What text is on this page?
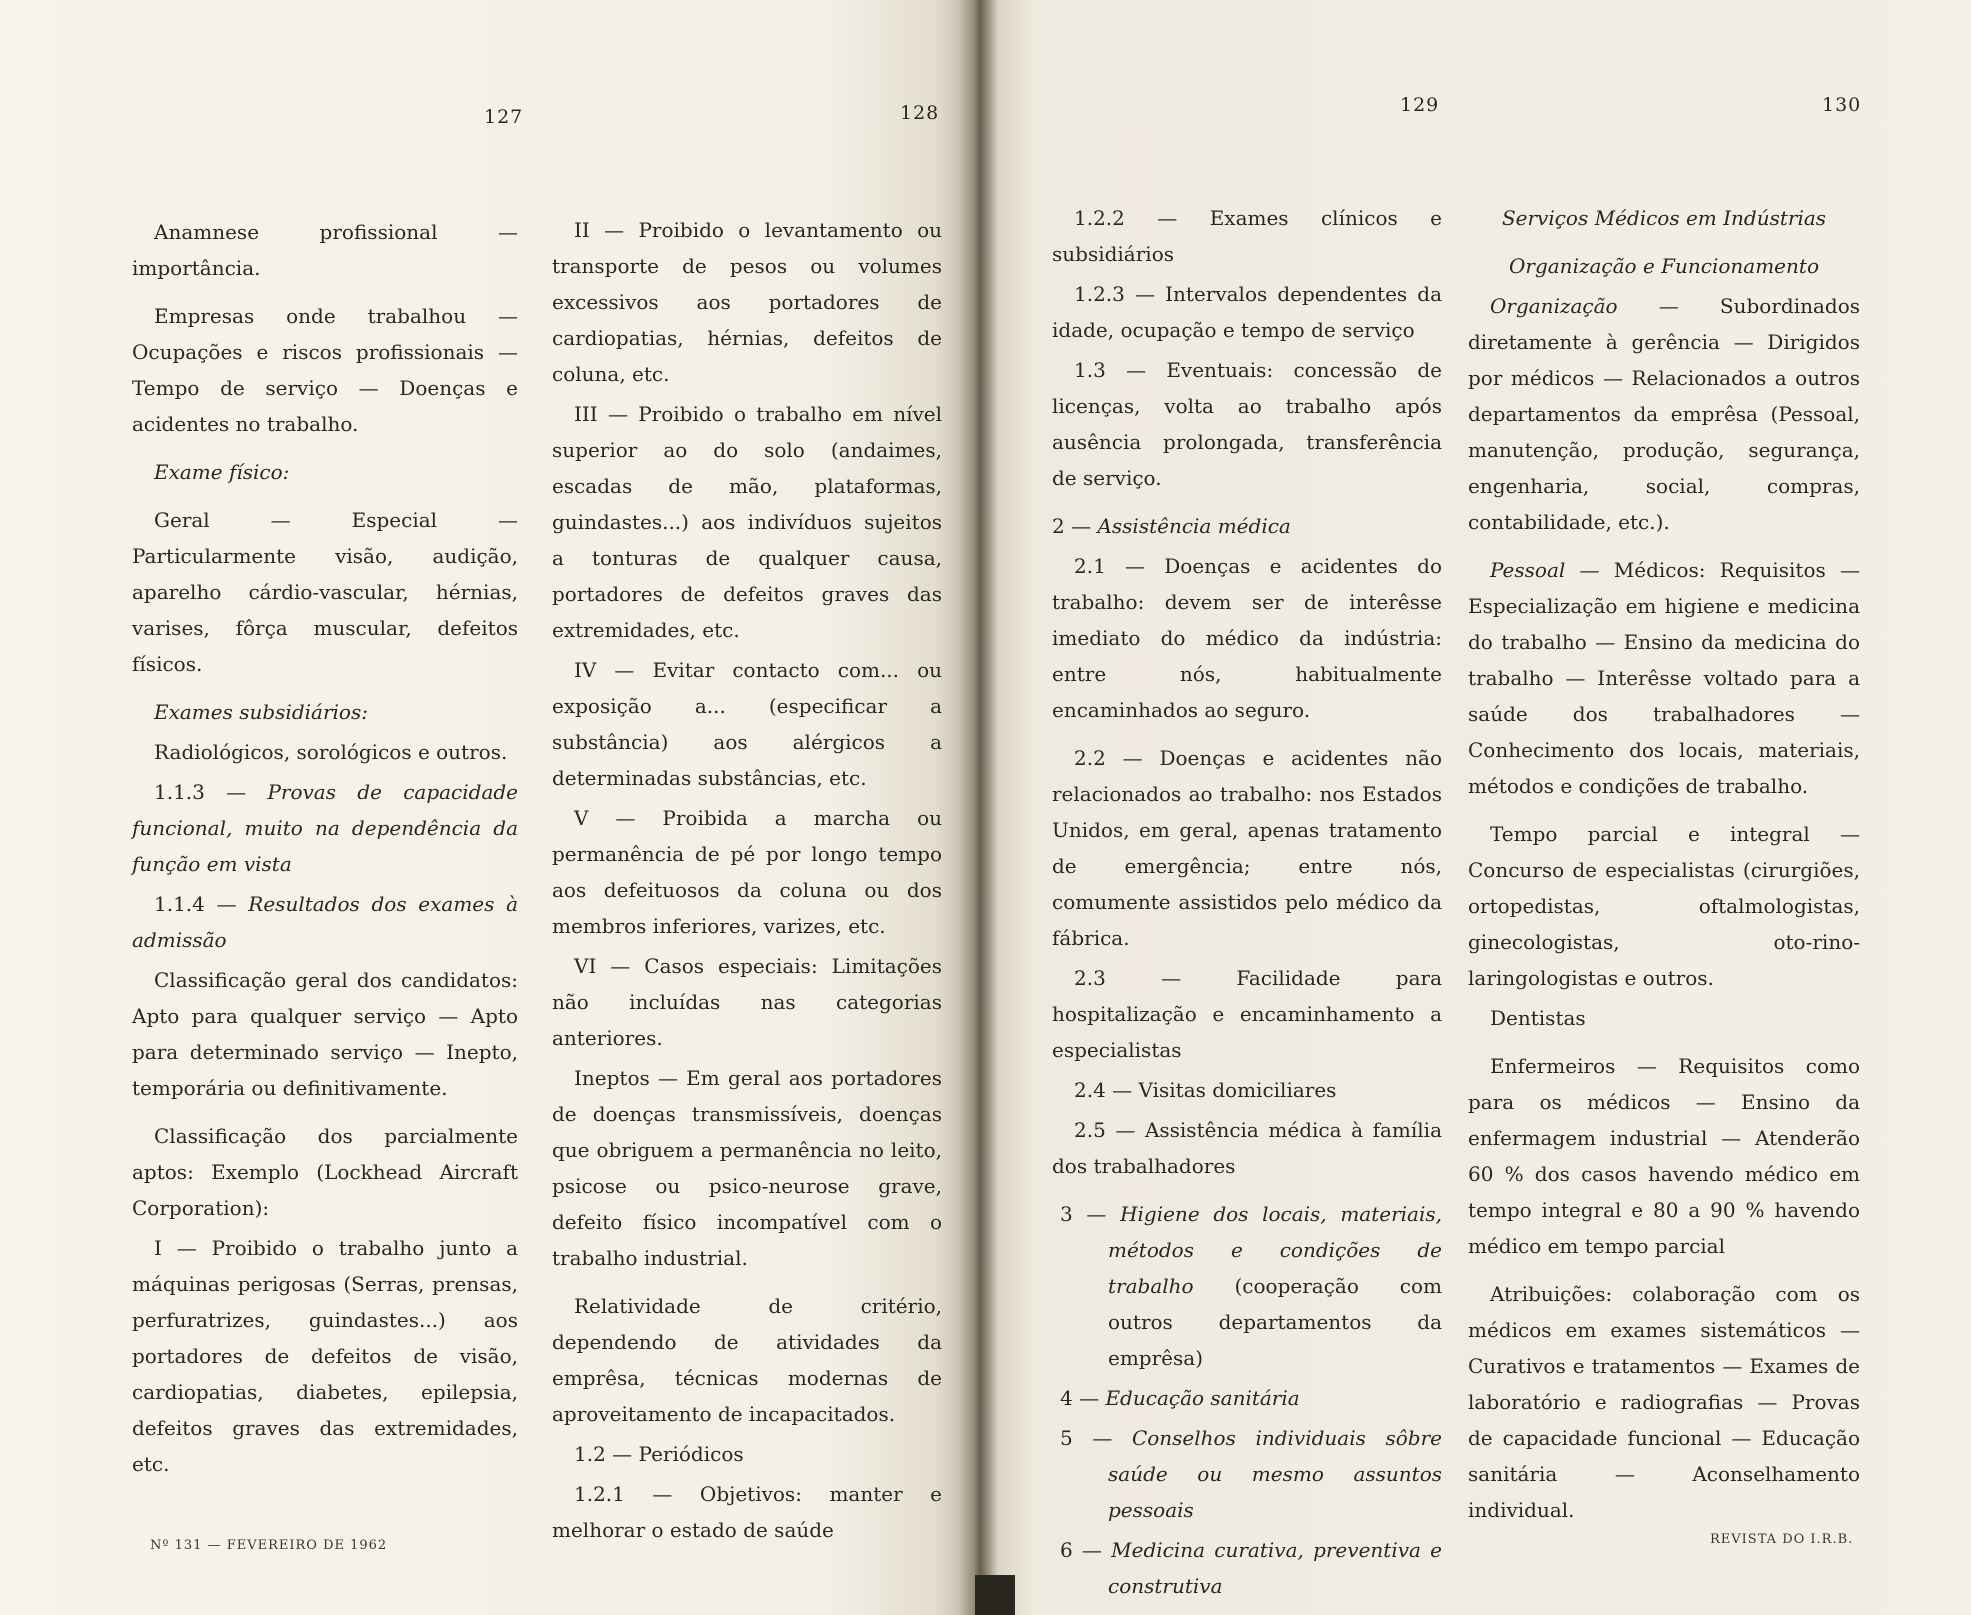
127	128	129	130

Anamnese profissional — importância.

Empresas onde trabalhou — Ocupações e riscos profissionais — Tempo de serviço — Doenças e acidentes no trabalho.

Exame físico:

Geral — Especial — Particularmente visão, audição, aparelho cárdio-vascular, hérnias, varises, fôrça muscular, defeitos físicos.

Exames subsidiários:

Radiológicos, sorológicos e outros.

1.1.3 — Provas de capacidade funcional, muito na dependência da função em vista

1.1.4 — Resultados dos exames à admissão

Classificação geral dos candidatos: Apto para qualquer serviço — Apto para determinado serviço — Inepto, temporária ou definitivamente.

Classificação dos parcialmente aptos: Exemplo (Lockhead Aircraft Corporation):

I — Proibido o trabalho junto a máquinas perigosas (Serras, prensas, perfuratrizes, guindastes...) aos portadores de defeitos de visão, cardiopatias, diabetes, epilepsia, defeitos graves das extremidades, etc.

II — Proibido o levantamento ou transporte de pesos ou volumes excessivos aos portadores de cardiopatias, hérnias, defeitos de coluna, etc.

III — Proibido o trabalho em nível superior ao do solo (andaimes, escadas de mão, plataformas, guindastes...) aos indivíduos sujeitos a tonturas de qualquer causa, portadores de defeitos graves das extremidades, etc.

IV — Evitar contacto com... ou exposição a... (especificar a substância) aos alérgicos a determinadas substâncias, etc.

V — Proibida a marcha ou permanência de pé por longo tempo aos defeituosos da coluna ou dos membros inferiores, varizes, etc.

VI — Casos especiais: Limitações não incluídas nas categorias anteriores.

Ineptos — Em geral aos portadores de doenças transmissíveis, doenças que obriguem a permanência no leito, psicose ou psico-neurose grave, defeito físico incompatível com o trabalho industrial.

Relatividade de critério, dependendo de atividades da emprêsa, técnicas modernas de aproveitamento de incapacitados.

1.2 — Periódicos

1.2.1 — Objetivos: manter e melhorar o estado de saúde

1.2.2 — Exames clínicos e subsidiários

1.2.3 — Intervalos dependentes da idade, ocupação e tempo de serviço

1.3 — Eventuais: concessão de licenças, volta ao trabalho após ausência prolongada, transferência de serviço.

2 — Assistência médica

2.1 — Doenças e acidentes do trabalho: devem ser de interêsse imediato do médico da indústria: entre nós, habitualmente encaminhados ao seguro.

2.2 — Doenças e acidentes não relacionados ao trabalho: nos Estados Unidos, em geral, apenas tratamento de emergência; entre nós, comumente assistidos pelo médico da fábrica.

2.3 — Facilidade para hospitalização e encaminhamento a especialistas

2.4 — Visitas domiciliares

2.5 — Assistência médica à família dos trabalhadores

3 — Higiene dos locais, materiais, métodos e condições de trabalho (cooperação com outros departamentos da emprêsa)

4 — Educação sanitária

5 — Conselhos individuais sôbre saúde ou mesmo assuntos pessoais

6 — Medicina curativa, preventiva e construtiva

Serviços Médicos em Indústrias

Organização e Funcionamento

Organização — Subordinados diretamente à gerência — Dirigidos por médicos — Relacionados a outros departamentos da emprêsa (Pessoal, manutenção, produção, segurança, engenharia, social, compras, contabilidade, etc.).

Pessoal — Médicos: Requisitos — Especialização em higiene e medicina do trabalho — Ensino da medicina do trabalho — Interêsse voltado para a saúde dos trabalhadores — Conhecimento dos locais, materiais, métodos e condições de trabalho.

Tempo parcial e integral — Concurso de especialistas (cirurgiões, ortopedistas, oftalmologistas, ginecologistas, oto-rino-laringologistas e outros.

Dentistas

Enfermeiros — Requisitos como para os médicos — Ensino da enfermagem industrial — Atenderão 60 % dos casos havendo médico em tempo integral e 80 a 90 % havendo médico em tempo parcial

Atribuições: colaboração com os médicos em exames sistemáticos — Curativos e tratamentos — Exames de laboratório e radiografias — Provas de capacidade funcional — Educação sanitária — Aconselhamento individual.

Nº 131 — FEVEREIRO DE 1962	REVISTA DO I.R.B.
